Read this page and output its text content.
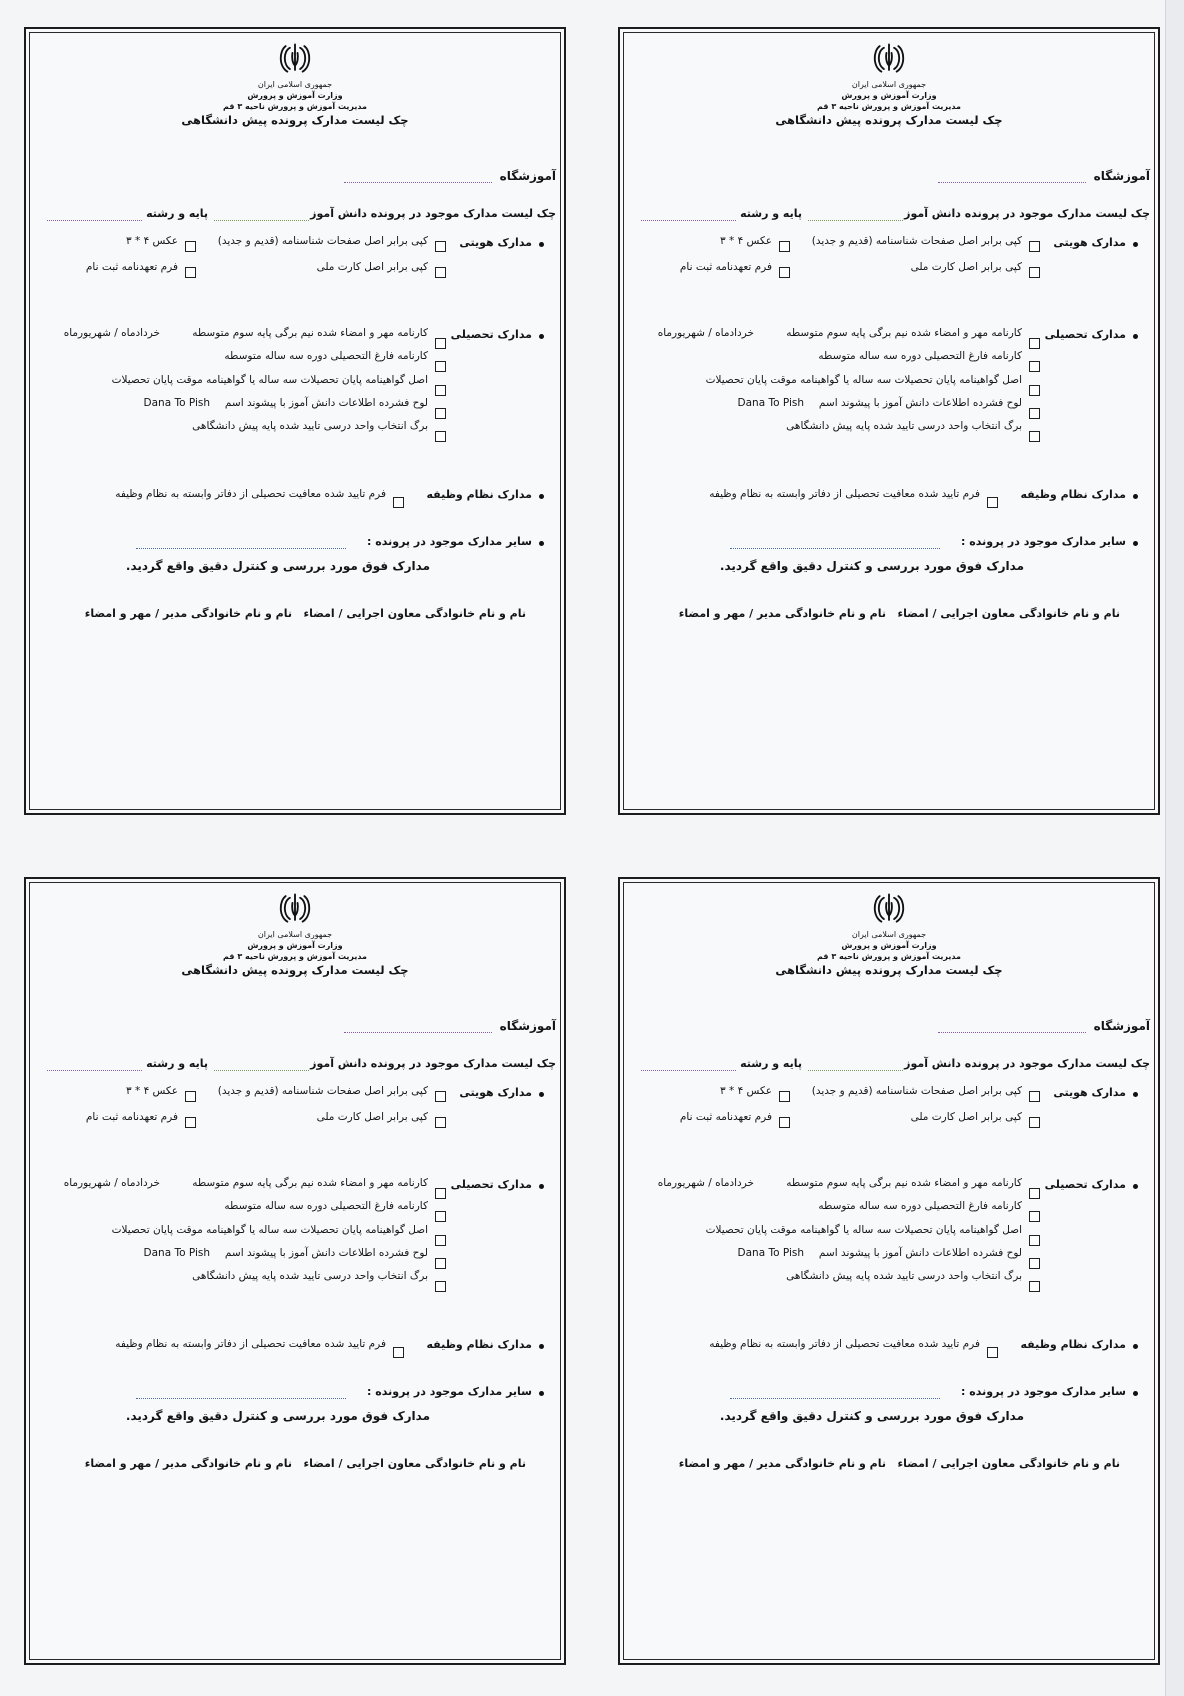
جمهوری اسلامی ایران
وزارت آموزش و پرورش
مدیریت آموزش و پرورش ناحیه ۳ قم
چک لیست مدارک پرونده پیش دانشگاهی
آموزشگاه
چک لیست مدارک موجود در پرونده دانش آموز
پایه و رشته
مدارک هویتی
کپی برابر اصل صفحات شناسنامه (قدیم و جدید)
عکس ۴ * ۳
کپی برابر اصل کارت ملی
فرم تعهدنامه ثبت نام
مدارک تحصیلی
کارنامه مهر و امضاء شده نیم برگی پایه سوم متوسطه
خردادماه / شهریورماه
کارنامه فارغ التحصیلی دوره سه ساله متوسطه
اصل گواهینامه پایان تحصیلات سه ساله یا گواهینامه موقت پایان تحصیلات
لوح فشرده اطلاعات دانش آموز با پیشوند اسم
Dana To Pish
برگ انتخاب واحد درسی تایید شده پایه پیش دانشگاهی
مدارک نظام وظیفه
فرم تایید شده معافیت تحصیلی از دفاتر وابسته به نظام وظیفه
سایر مدارک موجود در پرونده :
مدارک فوق مورد بررسی و کنترل دقیق واقع گردید.
نام و نام خانوادگی معاون اجرایی / امضاء
نام و نام خانوادگی مدیر / مهر و امضاء
جمهوری اسلامی ایران
وزارت آموزش و پرورش
مدیریت آموزش و پرورش ناحیه ۳ قم
چک لیست مدارک پرونده پیش دانشگاهی
آموزشگاه
چک لیست مدارک موجود در پرونده دانش آموز
پایه و رشته
مدارک هویتی
کپی برابر اصل صفحات شناسنامه (قدیم و جدید)
عکس ۴ * ۳
کپی برابر اصل کارت ملی
فرم تعهدنامه ثبت نام
مدارک تحصیلی
کارنامه مهر و امضاء شده نیم برگی پایه سوم متوسطه
خردادماه / شهریورماه
کارنامه فارغ التحصیلی دوره سه ساله متوسطه
اصل گواهینامه پایان تحصیلات سه ساله یا گواهینامه موقت پایان تحصیلات
لوح فشرده اطلاعات دانش آموز با پیشوند اسم
Dana To Pish
برگ انتخاب واحد درسی تایید شده پایه پیش دانشگاهی
مدارک نظام وظیفه
فرم تایید شده معافیت تحصیلی از دفاتر وابسته به نظام وظیفه
سایر مدارک موجود در پرونده :
مدارک فوق مورد بررسی و کنترل دقیق واقع گردید.
نام و نام خانوادگی معاون اجرایی / امضاء
نام و نام خانوادگی مدیر / مهر و امضاء
جمهوری اسلامی ایران
وزارت آموزش و پرورش
مدیریت آموزش و پرورش ناحیه ۳ قم
چک لیست مدارک پرونده پیش دانشگاهی
آموزشگاه
چک لیست مدارک موجود در پرونده دانش آموز
پایه و رشته
مدارک هویتی
کپی برابر اصل صفحات شناسنامه (قدیم و جدید)
عکس ۴ * ۳
کپی برابر اصل کارت ملی
فرم تعهدنامه ثبت نام
مدارک تحصیلی
کارنامه مهر و امضاء شده نیم برگی پایه سوم متوسطه
خردادماه / شهریورماه
کارنامه فارغ التحصیلی دوره سه ساله متوسطه
اصل گواهینامه پایان تحصیلات سه ساله یا گواهینامه موقت پایان تحصیلات
لوح فشرده اطلاعات دانش آموز با پیشوند اسم
Dana To Pish
برگ انتخاب واحد درسی تایید شده پایه پیش دانشگاهی
مدارک نظام وظیفه
فرم تایید شده معافیت تحصیلی از دفاتر وابسته به نظام وظیفه
سایر مدارک موجود در پرونده :
مدارک فوق مورد بررسی و کنترل دقیق واقع گردید.
نام و نام خانوادگی معاون اجرایی / امضاء
نام و نام خانوادگی مدیر / مهر و امضاء
جمهوری اسلامی ایران
وزارت آموزش و پرورش
مدیریت آموزش و پرورش ناحیه ۳ قم
چک لیست مدارک پرونده پیش دانشگاهی
آموزشگاه
چک لیست مدارک موجود در پرونده دانش آموز
پایه و رشته
مدارک هویتی
کپی برابر اصل صفحات شناسنامه (قدیم و جدید)
عکس ۴ * ۳
کپی برابر اصل کارت ملی
فرم تعهدنامه ثبت نام
مدارک تحصیلی
کارنامه مهر و امضاء شده نیم برگی پایه سوم متوسطه
خردادماه / شهریورماه
کارنامه فارغ التحصیلی دوره سه ساله متوسطه
اصل گواهینامه پایان تحصیلات سه ساله یا گواهینامه موقت پایان تحصیلات
لوح فشرده اطلاعات دانش آموز با پیشوند اسم
Dana To Pish
برگ انتخاب واحد درسی تایید شده پایه پیش دانشگاهی
مدارک نظام وظیفه
فرم تایید شده معافیت تحصیلی از دفاتر وابسته به نظام وظیفه
سایر مدارک موجود در پرونده :
مدارک فوق مورد بررسی و کنترل دقیق واقع گردید.
نام و نام خانوادگی معاون اجرایی / امضاء
نام و نام خانوادگی مدیر / مهر و امضاء
